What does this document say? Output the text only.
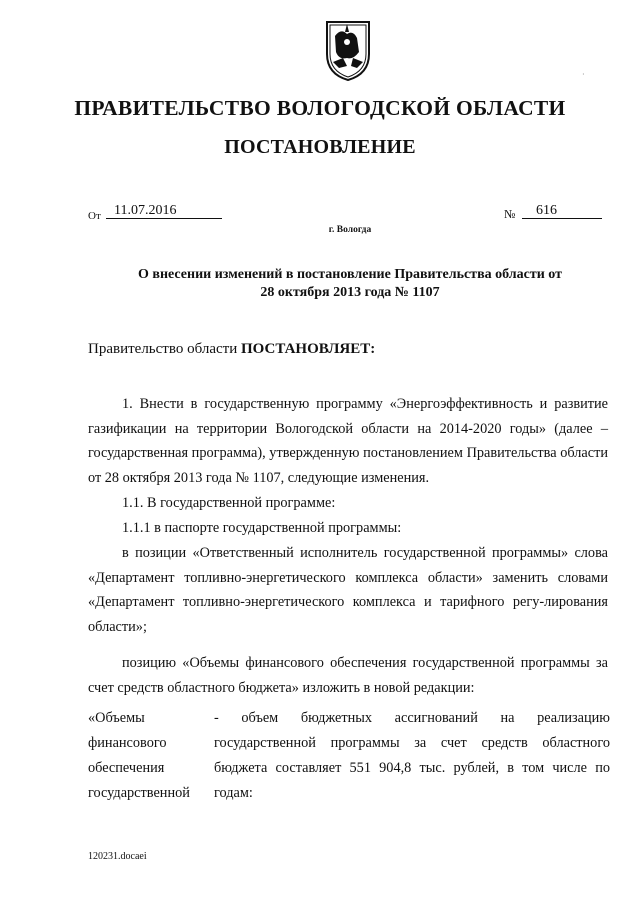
·
ПРАВИТЕЛЬСТВО ВОЛОГОДСКОЙ ОБЛАСТИ
ПОСТАНОВЛЕНИЕ
От 11.07.2016	№	616
г. Вологда
О внесении изменений в постановление Правительства области от
28 октября 2013 года № 1107
Правительство области ПОСТАНОВЛЯЕТ:
1. Внести в государственную программу «Энергоэффективность и развитие газификации на территории Вологодской области на 2014-2020 годы» (далее – государственная программа), утвержденную постановлением Правительства области от 28 октября 2013 года № 1107, следующие изменения.
1.1. В государственной программе:
1.1.1 в паспорте государственной программы:
в позиции «Ответственный исполнитель государственной программы» слова «Департамент топливно-энергетического комплекса области» заменить словами «Департамент топливно-энергетического комплекса и тарифного регу-лирования области»;
позицию «Объемы финансового обеспечения государственной программы за счет средств областного бюджета» изложить в новой редакции:
«Объемы финансового обеспечения государственной
- объем бюджетных ассигнований на реализацию государственной программы за счет средств областного бюджета составляет 551 904,8 тыс. рублей, в том числе по годам:
120231.docaei
